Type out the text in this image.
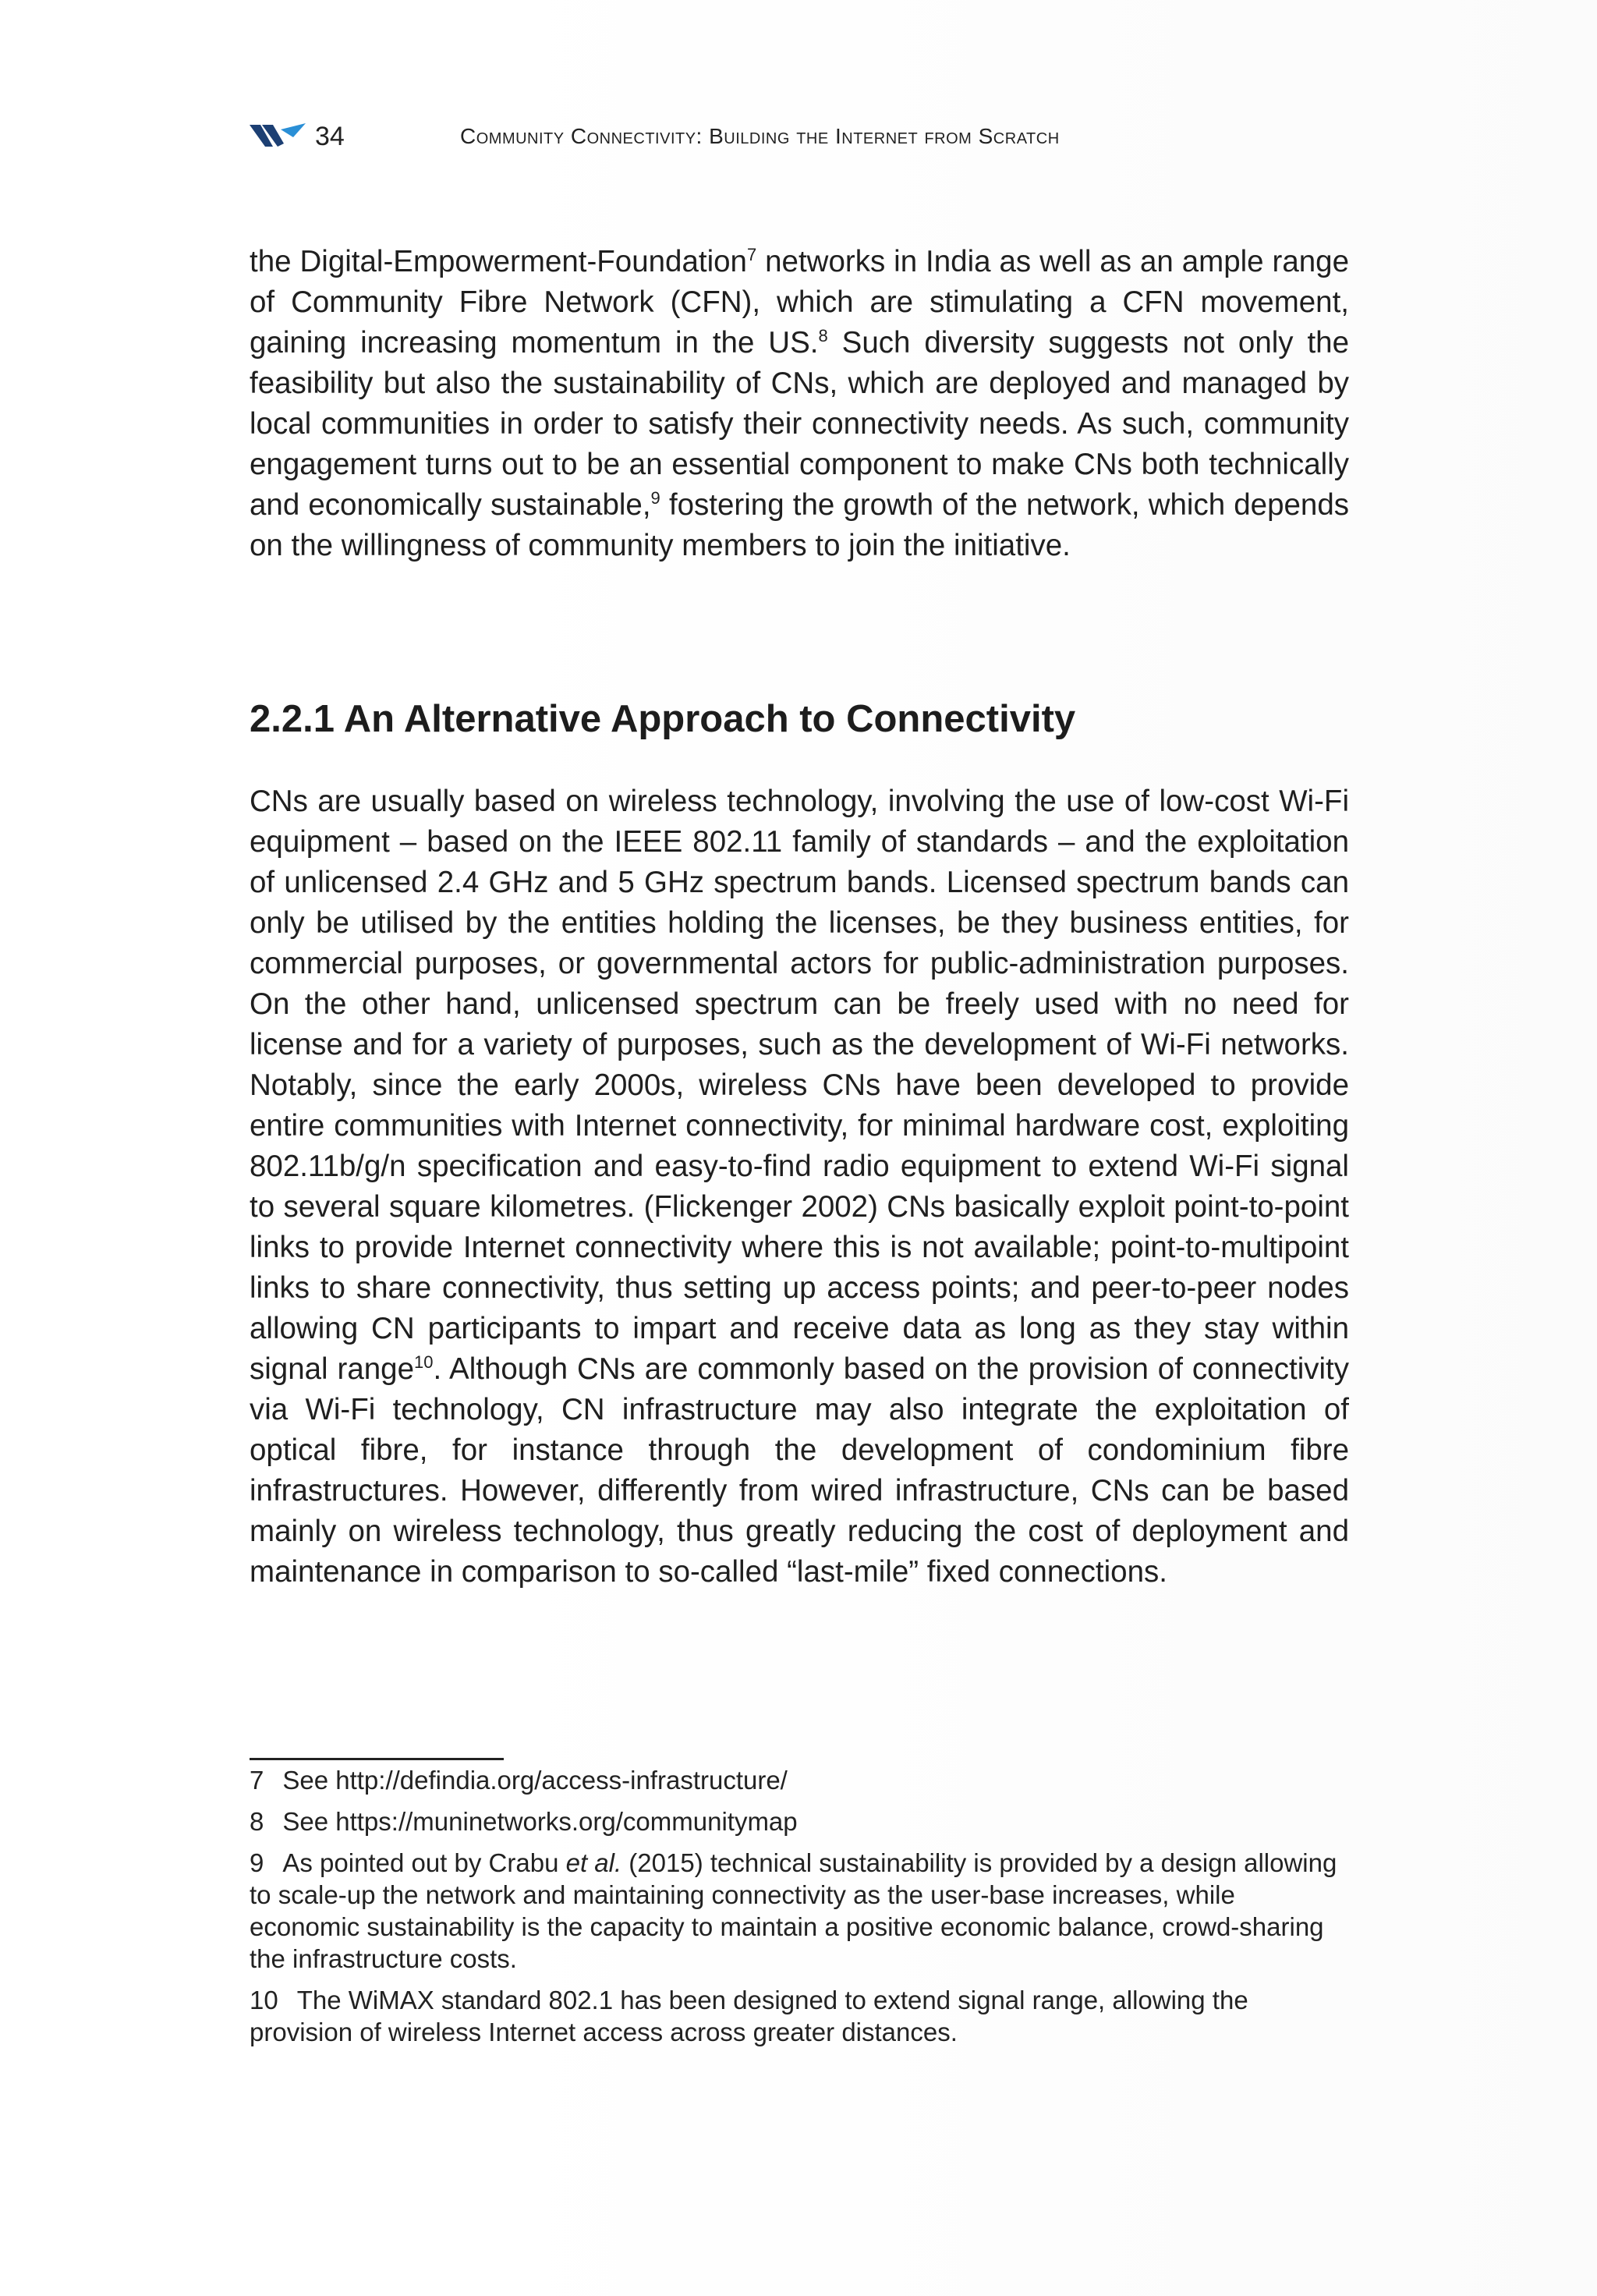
34	Community Connectivity: Building the Internet from Scratch

the Digital-Empowerment-Foundation$^7$ networks in India as well as an ample range of Community Fibre Network (CFN), which are stimulating a CFN movement, gaining increasing momentum in the US.$^8$ Such diversity suggests not only the feasibility but also the sustainability of CNs, which are deployed and managed by local communities in order to satisfy their connectivity needs. As such, community engagement turns out to be an essential component to make CNs both technically and economically sustainable,$^9$ fostering the growth of the network, which depends on the willingness of community members to join the initiative.

2.2.1 An Alternative Approach to Connectivity

CNs are usually based on wireless technology, involving the use of low-cost Wi-Fi equipment – based on the IEEE 802.11 family of standards – and the exploitation of unlicensed 2.4 GHz and 5 GHz spectrum bands. Licensed spectrum bands can only be utilised by the entities holding the licenses, be they business entities, for commercial purposes, or governmental actors for public-administration purposes. On the other hand, unlicensed spectrum can be freely used with no need for license and for a variety of purposes, such as the development of Wi-Fi networks. Notably, since the early 2000s, wireless CNs have been developed to provide entire communities with Internet connectivity, for minimal hardware cost, exploiting 802.11b/g/n specification and easy-to-find radio equipment to extend Wi-Fi signal to several square kilometres. (Flickenger 2002) CNs basically exploit point-to-point links to provide Internet connectivity where this is not available; point-to-multipoint links to share connectivity, thus setting up access points; and peer-to-peer nodes allowing CN participants to impart and receive data as long as they stay within signal range$^{10}$. Although CNs are commonly based on the provision of connectivity via Wi-Fi technology, CN infrastructure may also integrate the exploitation of optical fibre, for instance through the development of condominium fibre infrastructures. However, differently from wired infrastructure, CNs can be based mainly on wireless technology, thus greatly reducing the cost of deployment and maintenance in comparison to so-called “last-mile” fixed connections.

7 See http://defindia.org/access-infrastructure/

8 See https://muninetworks.org/communitymap

9 As pointed out by Crabu et al. (2015) technical sustainability is provided by a design allowing to scale-up the network and maintaining connectivity as the user-base increases, while economic sustainability is the capacity to maintain a positive economic balance, crowd-sharing the infrastructure costs.

10 The WiMAX standard 802.1 has been designed to extend signal range, allowing the provision of wireless Internet access across greater distances.
